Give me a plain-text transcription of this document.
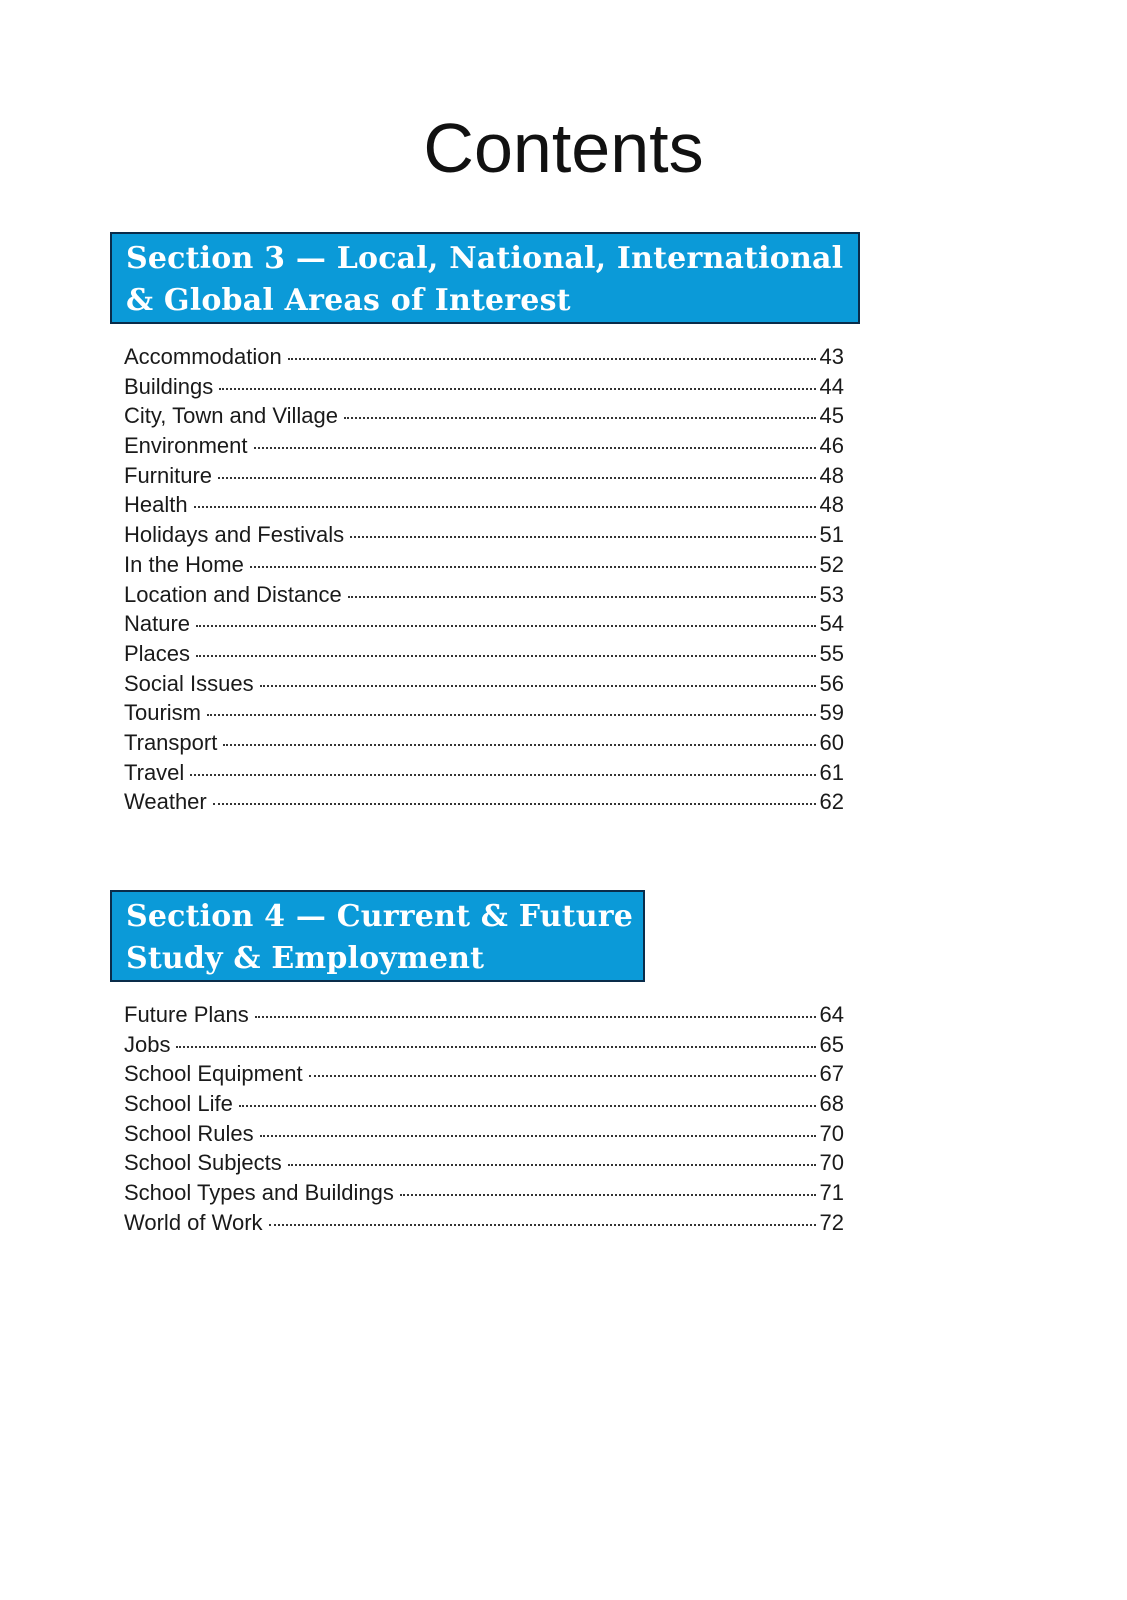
Contents
Section 3 — Local, National, International
& Global Areas of Interest
Accommodation	43
Buildings	44
City, Town and Village	45
Environment	46
Furniture	48
Health	48
Holidays and Festivals	51
In the Home	52
Location and Distance	53
Nature	54
Places	55
Social Issues	56
Tourism	59
Transport	60
Travel	61
Weather	62
Section 4 — Current & Future
Study & Employment
Future Plans	64
Jobs	65
School Equipment	67
School Life	68
School Rules	70
School Subjects	70
School Types and Buildings	71
World of Work	72
